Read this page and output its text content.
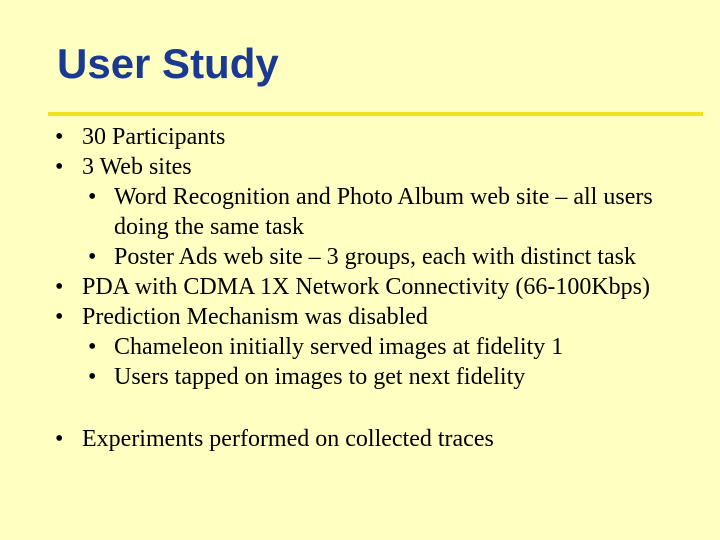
User Study
• 30 Participants
• 3 Web sites
• Word Recognition and Photo Album web site – all users doing the same task
• Poster Ads web site – 3 groups, each with distinct task
• PDA with CDMA 1X Network Connectivity (66-100Kbps)
• Prediction Mechanism was disabled
• Chameleon initially served images at fidelity 1
• Users tapped on images to get next fidelity
• Experiments performed on collected traces
